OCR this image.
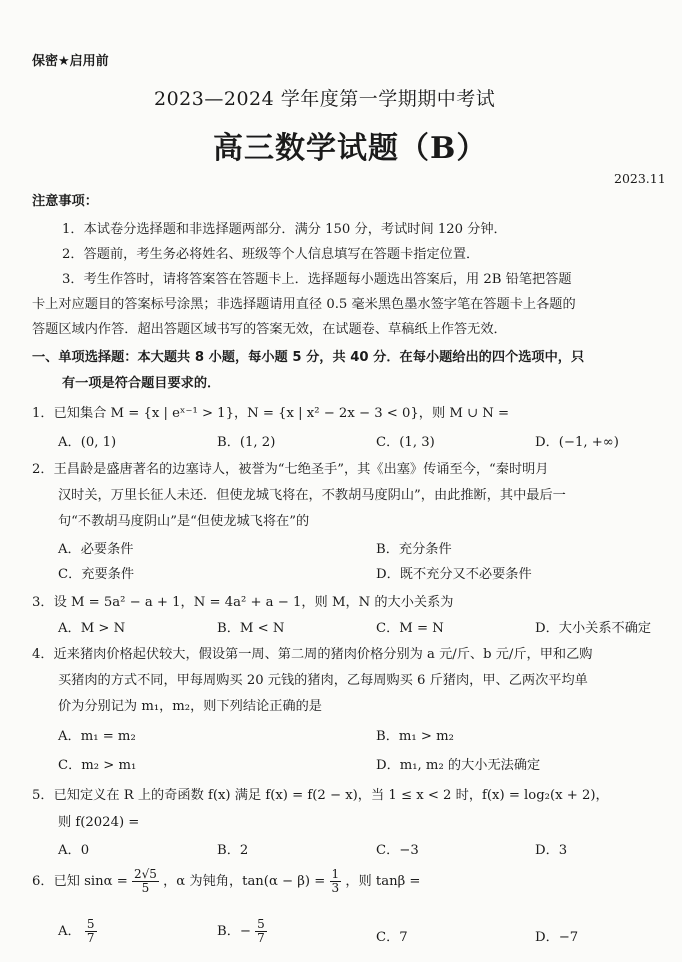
保密★启用前
2023—2024 学年度第一学期期中考试
高三数学试题（B）
2023.11
注意事项：
1．本试卷分选择题和非选择题两部分．满分 150 分，考试时间 120 分钟．
2．答题前，考生务必将姓名、班级等个人信息填写在答题卡指定位置．
3．考生作答时，请将答案答在答题卡上．选择题每小题选出答案后，用 2B 铅笔把答题
卡上对应题目的答案标号涂黑；非选择题请用直径 0.5 毫米黑色墨水签字笔在答题卡上各题的
答题区域内作答．超出答题区域书写的答案无效，在试题卷、草稿纸上作答无效．
一、单项选择题：本大题共 8 小题，每小题 5 分，共 40 分．在每小题给出的四个选项中，只
有一项是符合题目要求的．
1．已知集合 M = {x | eˣ⁻¹ > 1}，N = {x | x² − 2x − 3 < 0}，则 M ∪ N =
A．(0, 1)	B．(1, 2)	C．(1, 3)	D．(−1, +∞)
2．王昌龄是盛唐著名的边塞诗人，被誉为“七绝圣手”，其《出塞》传诵至今，“秦时明月
汉时关，万里长征人未还．但使龙城飞将在，不教胡马度阴山”，由此推断，其中最后一
句“不教胡马度阴山”是“但使龙城飞将在”的
A．必要条件	B．充分条件
C．充要条件	D．既不充分又不必要条件
3．设 M = 5a² − a + 1，N = 4a² + a − 1，则 M，N 的大小关系为
A．M > N	B．M < N	C．M = N	D．大小关系不确定
4．近来猪肉价格起伏较大，假设第一周、第二周的猪肉价格分别为 a 元/斤、b 元/斤，甲和乙购
买猪肉的方式不同，甲每周购买 20 元钱的猪肉，乙每周购买 6 斤猪肉，甲、乙两次平均单
价为分别记为 m₁，m₂，则下列结论正确的是
A．m₁ = m₂	B．m₁ > m₂
C．m₂ > m₁	D．m₁, m₂ 的大小无法确定
5．已知定义在 R 上的奇函数 f(x) 满足 f(x) = f(2 − x)，当 1 ≤ x < 2 时，f(x) = log₂(x + 2)，
则 f(2024) =
A．0	B．2	C．−3	D．3
6．已知 $\sin\alpha = \frac{2√5}{5}$ ，α 为钝角，$\tan(\alpha - \beta) = \frac{1}{3}$ ，则 tanβ =
A． $\frac{5}{7}$	B．− $\frac{5}{7}$	C．7	D．−7
